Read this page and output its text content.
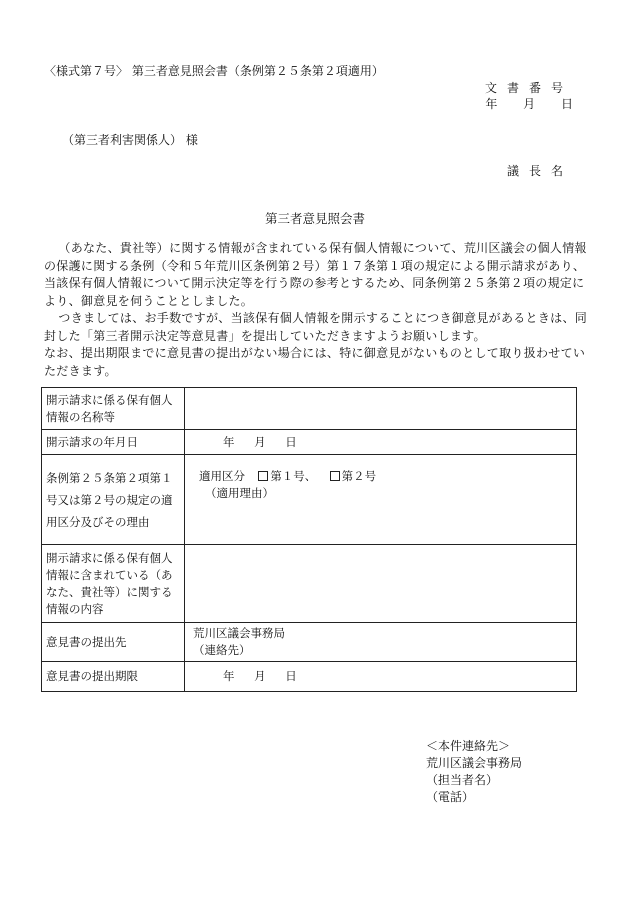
〈様式第７号〉 第三者意見照会書（条例第２５条第２項適用）
文書番号
年 月 日
（第三者利害関係人） 様
議長名
第三者意見照会書

（あなた、貴社等）に関する情報が含まれている保有個人情報について、荒川区議会の個人情報の保護に関する条例（令和５年荒川区条例第２号）第１７条第１項の規定による開示請求があり、当該保有個人情報について開示決定等を行う際の参考とするため、同条例第２５条第２項の規定により、御意見を伺うこととしました。

つきましては、お手数ですが、当該保有個人情報を開示することにつき御意見があるときは、同封した「第三者開示決定等意見書」を提出していただきますようお願いします。

なお、提出期限までに意見書の提出がない場合には、特に御意見がないものとして取り扱わせていただきます。

開示請求に係る保有個人情報の名称等	
開示請求の年月日	年 月 日
条例第２５条第２項第１号又は第２号の規定の適用区分及びその理由	適用区分 第１号、 第２号
（適用理由）

開示請求に係る保有個人情報に含まれている（あなた、貴社等）に関する情報の内容	
意見書の提出先	荒川区議会事務局
（連絡先）

意見書の提出期限	年 月 日
＜本件連絡先＞
荒川区議会事務局
（担当者名）
（電話）
